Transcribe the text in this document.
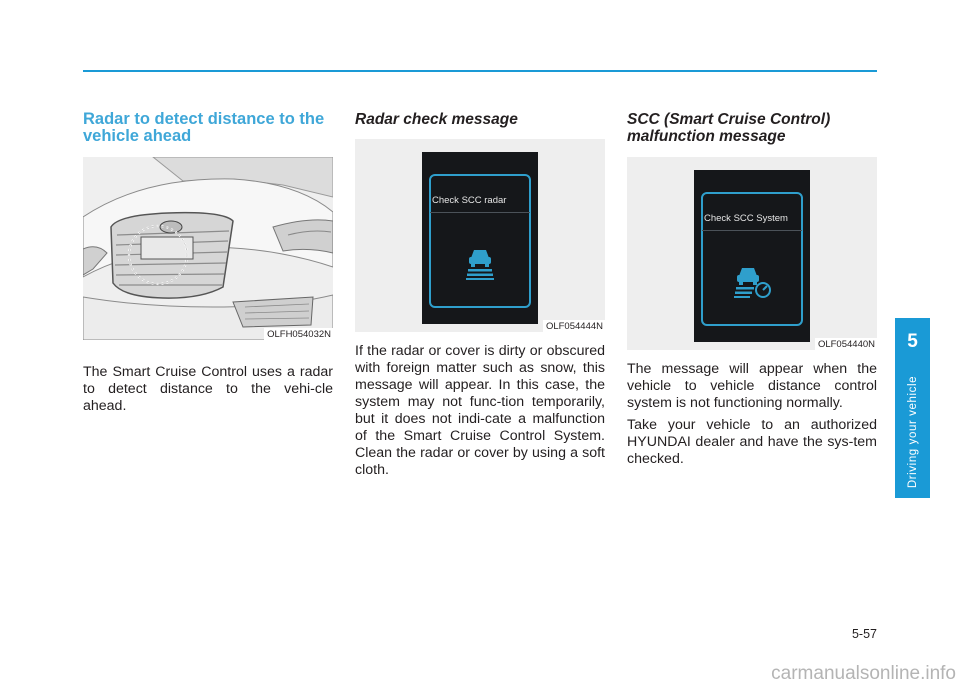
Radar to detect distance to the vehicle ahead
OLFH054032N

The Smart Cruise Control uses a radar to detect distance to the vehi-cle ahead.

Radar check message
Check SCC radar
OLF054444N

If the radar or cover is dirty or obscured with foreign matter such as snow, this message will appear. In this case, the system may not func-tion temporarily, but it does not indi-cate a malfunction of the Smart Cruise Control System. Clean the radar or cover by using a soft cloth.

SCC (Smart Cruise Control) malfunction message
Check SCC System
OLF054440N

The message will appear when the vehicle to vehicle distance control system is not functioning normally.

Take your vehicle to an authorized HYUNDAI dealer and have the sys-tem checked.

5
Driving your vehicle
5-57
carmanualsonline.info
